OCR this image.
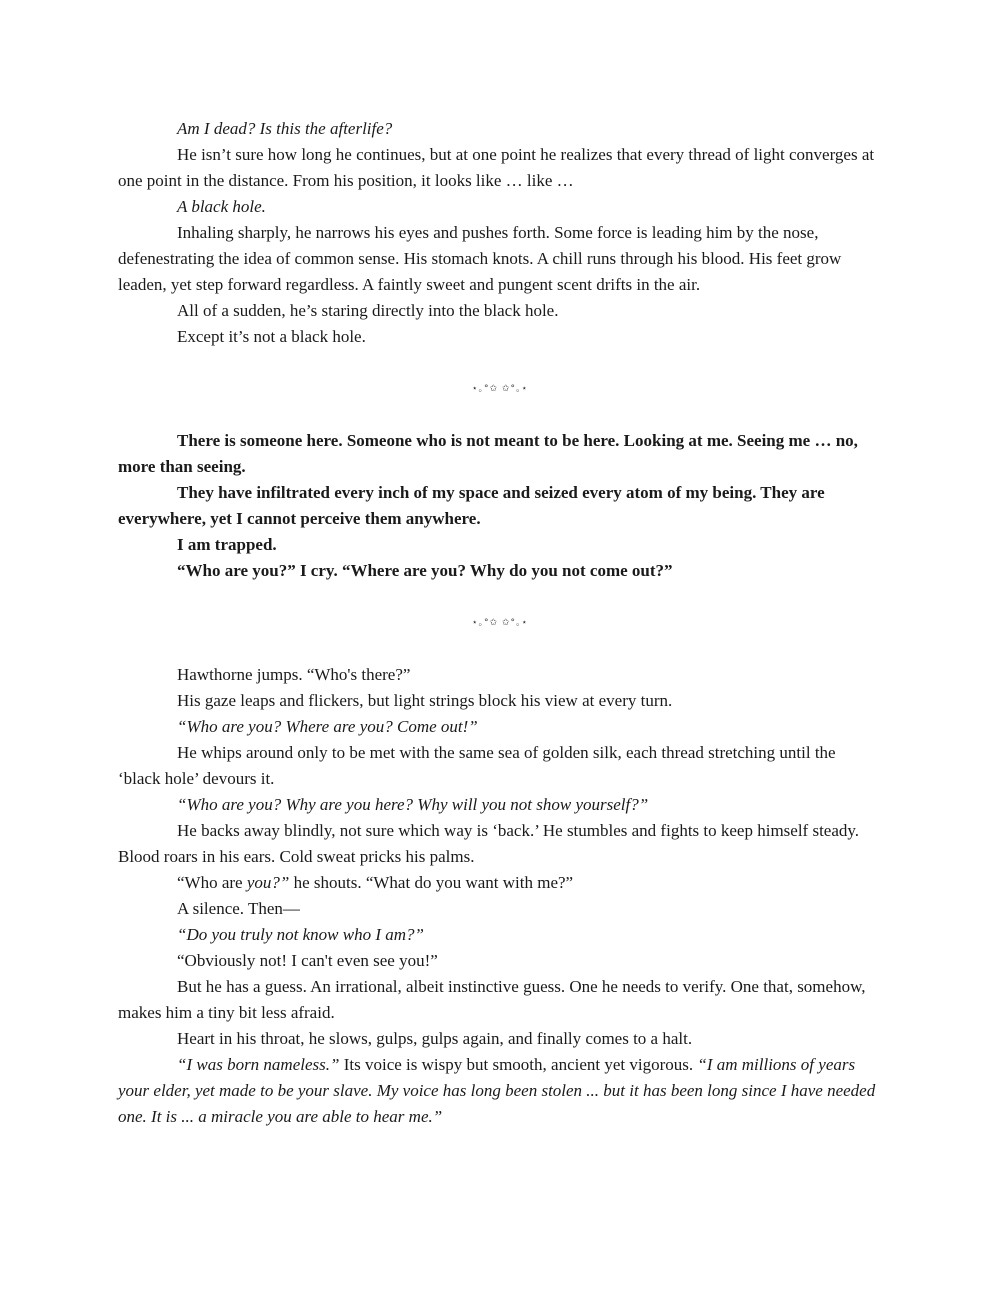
Am I dead? Is this the afterlife?

He isn’t sure how long he continues, but at one point he realizes that every thread of light converges at one point in the distance. From his position, it looks like … like …

A black hole.

Inhaling sharply, he narrows his eyes and pushes forth. Some force is leading him by the nose, defenestrating the idea of common sense. His stomach knots. A chill runs through his blood. His feet grow leaden, yet step forward regardless. A faintly sweet and pungent scent drifts in the air.

All of a sudden, he’s staring directly into the black hole.

Except it’s not a black hole.

⋆｡°✩ ✩°｡⋆

There is someone here. Someone who is not meant to be here. Looking at me. Seeing me … no, more than seeing.

They have infiltrated every inch of my space and seized every atom of my being. They are everywhere, yet I cannot perceive them anywhere.

I am trapped.

“Who are you?” I cry. “Where are you? Why do you not come out?”

⋆｡°✩ ✩°｡⋆

Hawthorne jumps. “Who's there?”

His gaze leaps and flickers, but light strings block his view at every turn.

“Who are you? Where are you? Come out!”

He whips around only to be met with the same sea of golden silk, each thread stretching until the ‘black hole’ devours it.

“Who are you? Why are you here? Why will you not show yourself?”

He backs away blindly, not sure which way is ‘back.’ He stumbles and fights to keep himself steady. Blood roars in his ears. Cold sweat pricks his palms.

“Who are you?” he shouts. “What do you want with me?”

A silence. Then—

“Do you truly not know who I am?”

“Obviously not! I can't even see you!”

But he has a guess. An irrational, albeit instinctive guess. One he needs to verify. One that, somehow, makes him a tiny bit less afraid.

Heart in his throat, he slows, gulps, gulps again, and finally comes to a halt.

“I was born nameless.” Its voice is wispy but smooth, ancient yet vigorous. “I am millions of years your elder, yet made to be your slave. My voice has long been stolen ... but it has been long since I have needed one. It is ... a miracle you are able to hear me.”
